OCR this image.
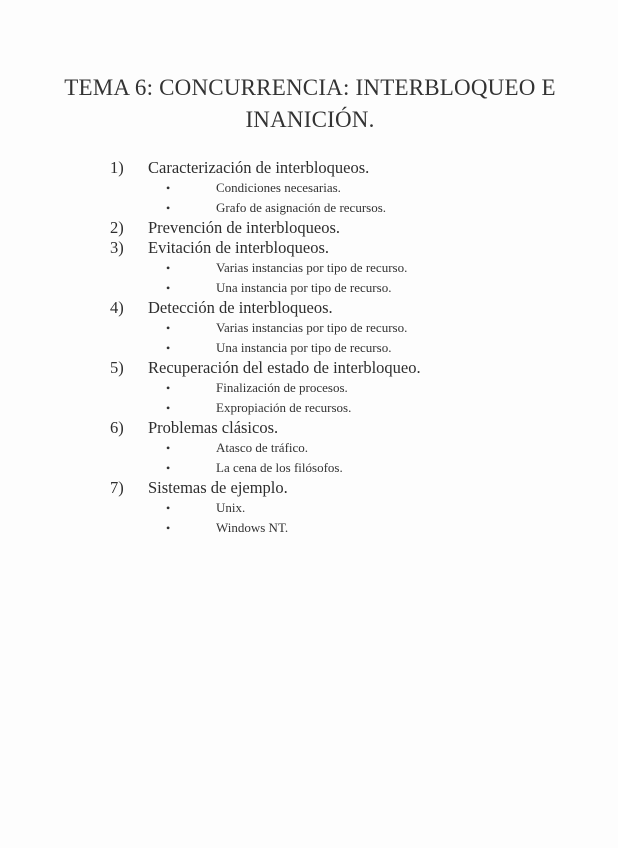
TEMA 6: CONCURRENCIA: INTERBLOQUEO E INANICIÓN.
1)	Caracterización de interbloqueos.
•	Condiciones necesarias.
•	Grafo de asignación de recursos.
2)	Prevención de interbloqueos.
3)	Evitación de interbloqueos.
•	Varias instancias por tipo de recurso.
•	Una instancia por tipo de recurso.
4)	Detección de interbloqueos.
•	Varias instancias por tipo de recurso.
•	Una instancia por tipo de recurso.
5)	Recuperación del estado de interbloqueo.
•	Finalización de procesos.
•	Expropiación de recursos.
6)	Problemas clásicos.
•	Atasco de tráfico.
•	La cena de los filósofos.
7)	Sistemas de ejemplo.
•	Unix.
•	Windows NT.
